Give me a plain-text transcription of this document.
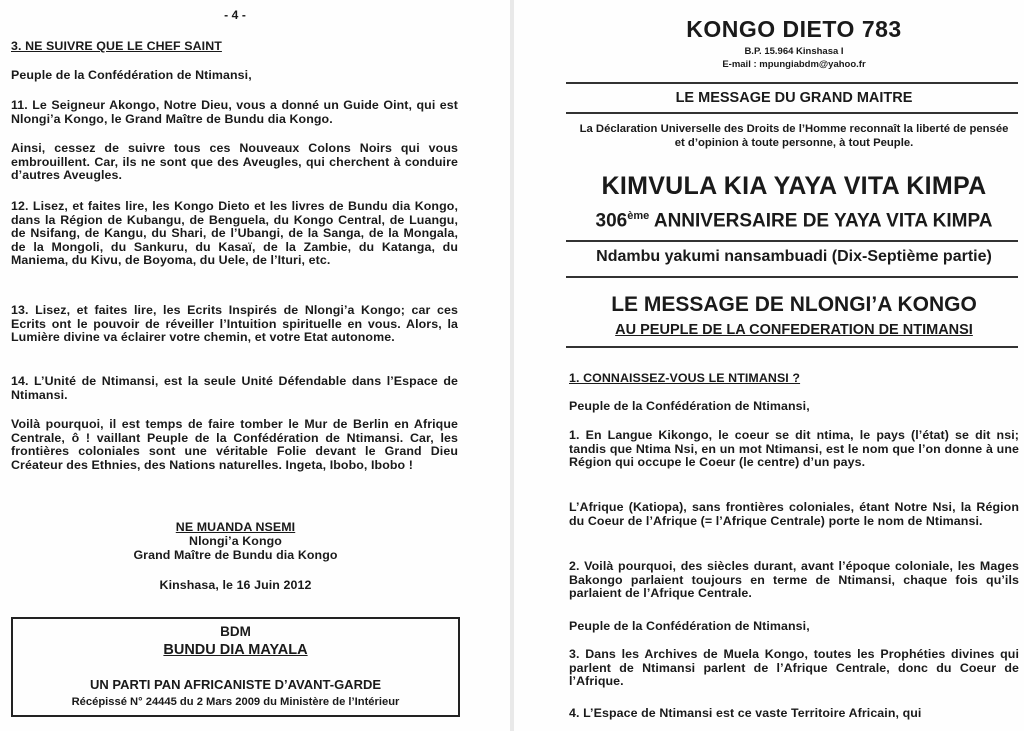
- 4 -

3. NE SUIVRE QUE LE CHEF SAINT

Peuple de la Confédération de Ntimansi,

11. Le Seigneur Akongo, Notre Dieu, vous a donné un Guide Oint, qui est Nlongi’a Kongo, le Grand Maître de Bundu dia Kongo.

Ainsi, cessez de suivre tous ces Nouveaux Colons Noirs qui vous embrouillent. Car, ils ne sont que des Aveugles, qui cherchent à conduire d’autres Aveugles.

12. Lisez, et faites lire, les Kongo Dieto et les livres de Bundu dia Kongo, dans la Région de Kubangu, de Benguela, du Kongo Central, de Luangu, de Nsifang, de Kangu, du Shari, de l’Ubangi, de la Sanga, de la Mongala, de la Mongoli, du Sankuru, du Kasaï, de la Zambie, du Katanga, du Maniema, du Kivu, de Boyoma, du Uele, de l’Ituri, etc.

13. Lisez, et faites lire, les Ecrits Inspirés de Nlongi’a Kongo; car ces Ecrits ont le pouvoir de réveiller l’Intuition spirituelle en vous. Alors, la Lumière divine va éclairer votre chemin, et votre Etat autonome.

14. L’Unité de Ntimansi, est la seule Unité Défendable dans l’Espace de Ntimansi.

Voilà pourquoi, il est temps de faire tomber le Mur de Berlin en Afrique Centrale, ô ! vaillant Peuple de la Confédération de Ntimansi. Car, les frontières coloniales sont une véritable Folie devant le Grand Dieu Créateur des Ethnies, des Nations naturelles. Ingeta, Ibobo, Ibobo !

NE MUANDA NSEMI

Nlongi’a Kongo

Grand Maître de Bundu dia Kongo

Kinshasa, le 16 Juin 2012

BDM
BUNDU DIA MAYALA
UN PARTI PAN AFRICANISTE D’AVANT-GARDE
Récépissé N° 24445 du 2 Mars 2009 du Ministère de l’Intérieur
KONGO DIETO 783
B.P. 15.964 Kinshasa I
E-mail : mpungiabdm@yahoo.fr
LE MESSAGE DU GRAND MAITRE
La Déclaration Universelle des Droits de l’Homme reconnaît la liberté de pensée et d’opinion à toute personne, à tout Peuple.
KIMVULA KIA YAYA VITA KIMPA
306ème ANNIVERSAIRE DE YAYA VITA KIMPA
Ndambu yakumi nansambuadi (Dix-Septième partie)
LE MESSAGE DE NLONGI’A KONGO
AU PEUPLE DE LA CONFEDERATION DE NTIMANSI

1. CONNAISSEZ-VOUS LE NTIMANSI ?

Peuple de la Confédération de Ntimansi,

1. En Langue Kikongo, le coeur se dit ntima, le pays (l’état) se dit nsi; tandis que Ntima Nsi, en un mot Ntimansi, est le nom que l’on donne à une Région qui occupe le Coeur (le centre) d’un pays.

L’Afrique (Katiopa), sans frontières coloniales, étant Notre Nsi, la Région du Coeur de l’Afrique (= l’Afrique Centrale) porte le nom de Ntimansi.

2. Voilà pourquoi, des siècles durant, avant l’époque coloniale, les Mages Bakongo parlaient toujours en terme de Ntimansi, chaque fois qu’ils parlaient de l’Afrique Centrale.

Peuple de la Confédération de Ntimansi,

3. Dans les Archives de Muela Kongo, toutes les Prophéties divines qui parlent de Ntimansi parlent de l’Afrique Centrale, donc du Coeur de l’Afrique.

4. L’Espace de Ntimansi est ce vaste Territoire Africain, qui
